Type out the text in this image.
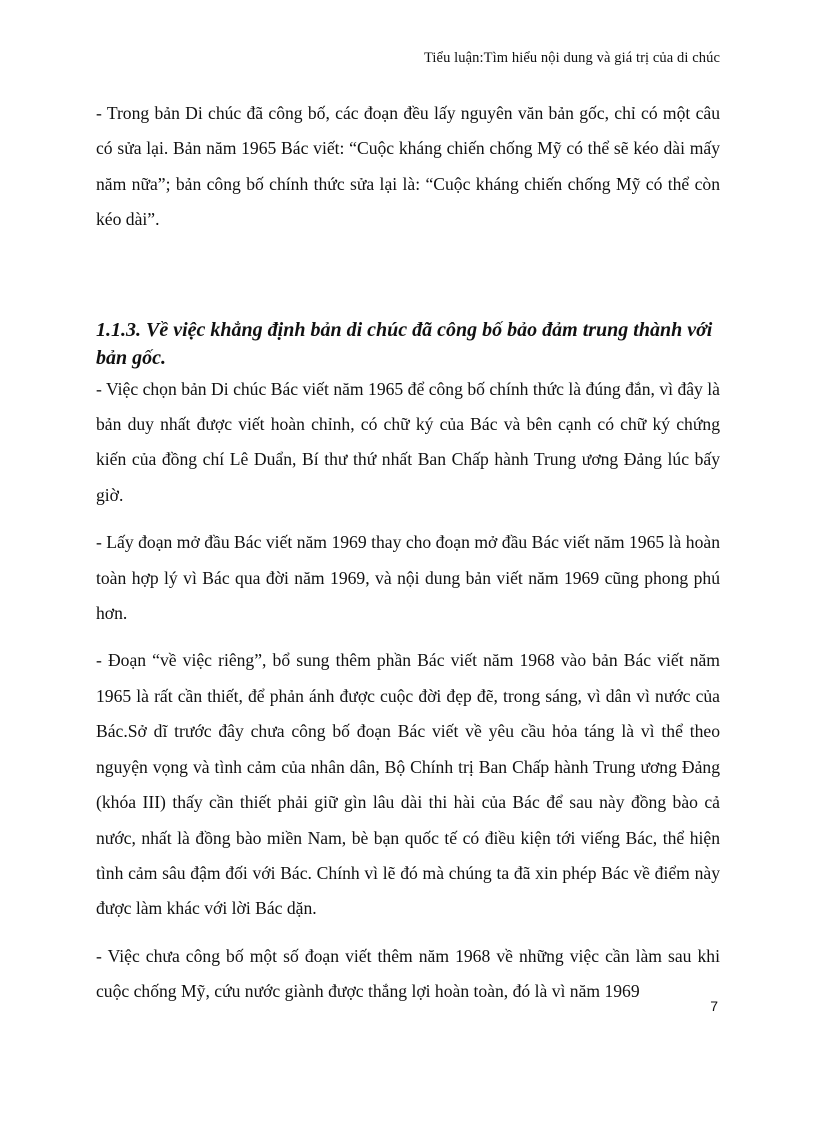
Tiểu luận:Tìm hiểu nội dung và giá trị của di chúc

- Trong bản Di chúc đã công bố, các đoạn đều lấy nguyên văn bản gốc, chỉ có một câu có sửa lại. Bản năm 1965 Bác viết: “Cuộc kháng chiến chống Mỹ có thể sẽ kéo dài mấy năm nữa”; bản công bố chính thức sửa lại là: “Cuộc kháng chiến chống Mỹ có thể còn kéo dài”.

1.1.3. Về việc khẳng định bản di chúc đã công bố bảo đảm trung thành với bản gốc.

- Việc chọn bản Di chúc Bác viết năm 1965 để công bố chính thức là đúng đắn, vì đây là bản duy nhất được viết hoàn chỉnh, có chữ ký của Bác và bên cạnh có chữ ký chứng kiến của đồng chí Lê Duẩn, Bí thư thứ nhất Ban Chấp hành Trung ương Đảng lúc bấy giờ.

- Lấy đoạn mở đầu Bác viết năm 1969 thay cho đoạn mở đầu Bác viết năm 1965 là hoàn toàn hợp lý vì Bác qua đời năm 1969, và nội dung bản viết năm 1969 cũng phong phú hơn.

- Đoạn “về việc riêng”, bổ sung thêm phần Bác viết năm 1968 vào bản Bác viết năm 1965 là rất cần thiết, để phản ánh được cuộc đời đẹp đẽ, trong sáng, vì dân vì nước của Bác.Sở dĩ trước đây chưa công bố đoạn Bác viết về yêu cầu hỏa táng là vì thể theo nguyện vọng và tình cảm của nhân dân, Bộ Chính trị Ban Chấp hành Trung ương Đảng (khóa III) thấy cần thiết phải giữ gìn lâu dài thi hài của Bác để sau này đồng bào cả nước, nhất là đồng bào miền Nam, bè bạn quốc tế có điều kiện tới viếng Bác, thể hiện tình cảm sâu đậm đối với Bác. Chính vì lẽ đó mà chúng ta đã xin phép Bác về điểm này được làm khác với lời Bác dặn.

- Việc chưa công bố một số đoạn viết thêm năm 1968 về những việc cần làm sau khi cuộc chống Mỹ, cứu nước giành được thắng lợi hoàn toàn, đó là vì năm 1969

7
